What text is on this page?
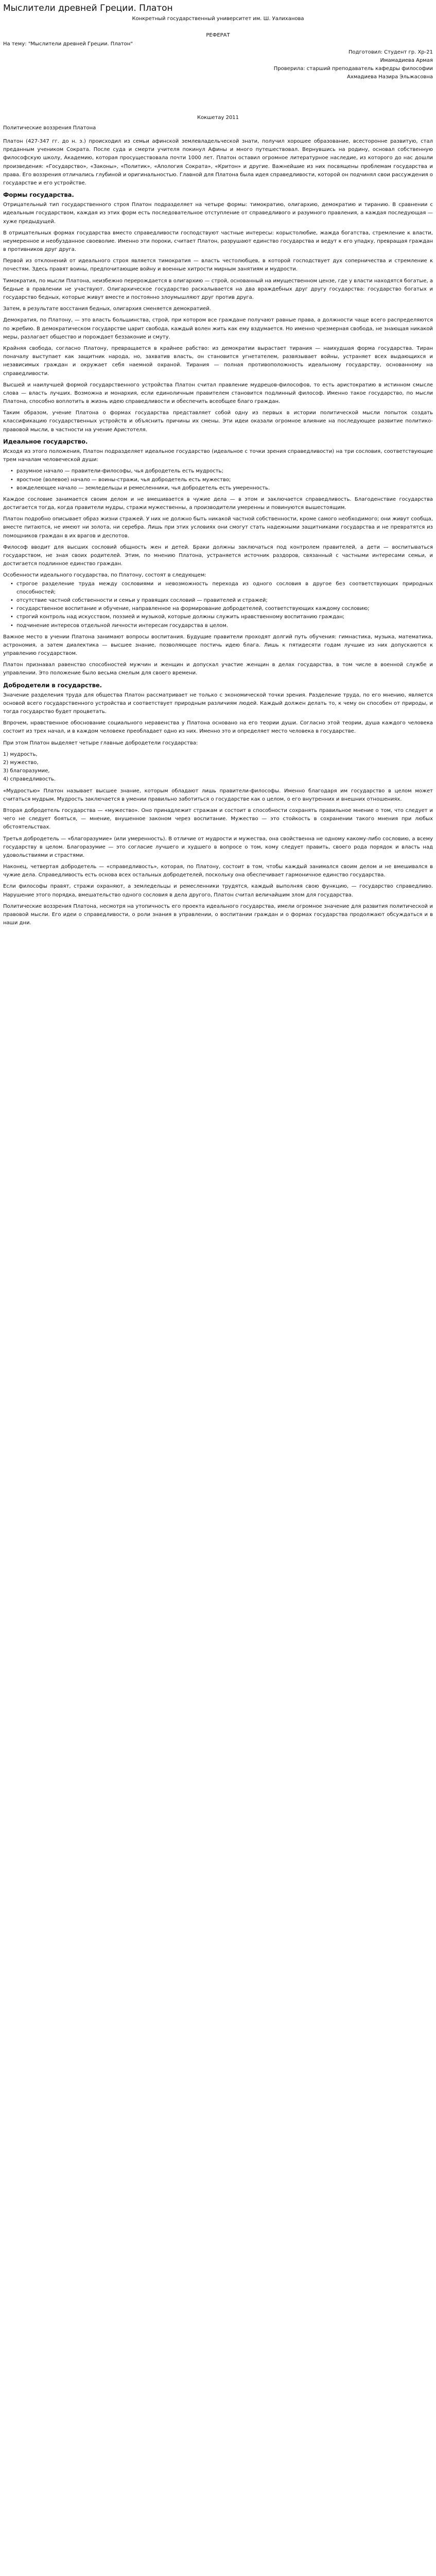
Мыслители древней Греции. Платон

Конкретный государственный университет им. Ш. Уалиханова

РЕФЕРАТ

На тему: "Мыслители древней Греции. Платон"

Подготовил: Студент гр. Хр-21

Имамадиева Армая

Проверила: старший преподаватель кафедры философии

Ахмадиева Назира Эльжасовна

Кокшетау 2011

Политические воззрения Платона

Платон (427-347 гг. до н. э.) происходил из семьи афинской землевладельческой знати, получил хорошее образование, всесторонне развитую, стал преданным учеником Сократа. После суда и смерти учителя покинул Афины и много путешествовал. Вернувшись на родину, основал собственную философскую школу, Академию, которая просуществовала почти 1000 лет. Платон оставил огромное литературное наследие, из которого до нас дошли произведения: «Государство», «Законы», «Политик», «Апология Сократа», «Критон» и другие. Важнейшие из них посвящены проблемам государства и права. Его воззрения отличались глубиной и оригинальностью. Главной для Платона была идея справедливости, которой он подчинял свои рассуждения о государстве и его устройстве.

Формы государства.

Отрицательный тип государственного строя Платон подразделяет на четыре формы: тимократию, олигархию, демократию и тиранию. В сравнении с идеальным государством, каждая из этих форм есть последовательное отступление от справедливого и разумного правления, а каждая последующая — хуже предыдущей.

В отрицательных формах государства вместо справедливости господствуют частные интересы: корыстолюбие, жажда богатства, стремление к власти, неумеренное и необузданное своеволие. Именно эти пороки, считает Платон, разрушают единство государства и ведут к его упадку, превращая граждан в противников друг друга.

Первой из отклонений от идеального строя является тимократия — власть честолюбцев, в которой господствует дух соперничества и стремление к почестям. Здесь правят воины, предпочитающие войну и военные хитрости мирным занятиям и мудрости.

Тимократия, по мысли Платона, неизбежно перерождается в олигархию — строй, основанный на имущественном цензе, где у власти находятся богатые, а бедные в правлении не участвуют. Олигархическое государство раскалывается на два враждебных друг другу государства: государство богатых и государство бедных, которые живут вместе и постоянно злоумышляют друг против друга.

Затем, в результате восстания бедных, олигархия сменяется демократией.

Демократия, по Платону, — это власть большинства, строй, при котором все граждане получают равные права, а должности чаще всего распределяются по жребию. В демократическом государстве царит свобода, каждый волен жить как ему вздумается. Но именно чрезмерная свобода, не знающая никакой меры, разлагает общество и порождает беззаконие и смуту.

Крайняя свобода, согласно Платону, превращается в крайнее рабство: из демократии вырастает тирания — наихудшая форма государства. Тиран поначалу выступает как защитник народа, но, захватив власть, он становится угнетателем, развязывает войны, устраняет всех выдающихся и независимых граждан и окружает себя наемной охраной. Тирания — полная противоположность идеальному государству, основанному на справедливости.

Высшей и наилучшей формой государственного устройства Платон считал правление мудрецов-философов, то есть аристократию в истинном смысле слова — власть лучших. Возможна и монархия, если единоличным правителем становится подлинный философ. Именно такое государство, по мысли Платона, способно воплотить в жизнь идею справедливости и обеспечить всеобщее благо граждан.

Таким образом, учение Платона о формах государства представляет собой одну из первых в истории политической мысли попыток создать классификацию государственных устройств и объяснить причины их смены. Эти идеи оказали огромное влияние на последующее развитие политико-правовой мысли, в частности на учение Аристотеля.

Идеальное государство.

Исходя из этого положения, Платон подразделяет идеальное государство (идеальное с точки зрения справедливости) на три сословия, соответствующие трем началам человеческой души:

• разумное начало — правители-философы, чья добродетель есть мудрость;
• яростное (волевое) начало — воины-стражи, чья добродетель есть мужество;
• вожделеющее начало — земледельцы и ремесленники, чья добродетель есть умеренность.

Каждое сословие занимается своим делом и не вмешивается в чужие дела — в этом и заключается справедливость. Благоденствие государства достигается тогда, когда правители мудры, стражи мужественны, а производители умеренны и повинуются вышестоящим.

Платон подробно описывает образ жизни стражей. У них не должно быть никакой частной собственности, кроме самого необходимого; они живут сообща, вместе питаются, не имеют ни золота, ни серебра. Лишь при этих условиях они смогут стать надежными защитниками государства и не превратятся из помощников граждан в их врагов и деспотов.

Философ вводит для высших сословий общность жен и детей. Браки должны заключаться под контролем правителей, а дети — воспитываться государством, не зная своих родителей. Этим, по мнению Платона, устраняется источник раздоров, связанный с частными интересами семьи, и достигается подлинное единство граждан.

Особенности идеального государства, по Платону, состоят в следующем:

• строгое разделение труда между сословиями и невозможность перехода из одного сословия в другое без соответствующих природных способностей;
• отсутствие частной собственности и семьи у правящих сословий — правителей и стражей;
• государственное воспитание и обучение, направленное на формирование добродетелей, соответствующих каждому сословию;
• строгий контроль над искусством, поэзией и музыкой, которые должны служить нравственному воспитанию граждан;
• подчинение интересов отдельной личности интересам государства в целом.

Важное место в учении Платона занимают вопросы воспитания. Будущие правители проходят долгий путь обучения: гимнастика, музыка, математика, астрономия, а затем диалектика — высшее знание, позволяющее постичь идею блага. Лишь к пятидесяти годам лучшие из них допускаются к управлению государством.

Платон признавал равенство способностей мужчин и женщин и допускал участие женщин в делах государства, в том числе в военной службе и управлении. Это положение было весьма смелым для своего времени.

Добродетели в государстве.

Значение разделения труда для общества Платон рассматривает не только с экономической точки зрения. Разделение труда, по его мнению, является основой всего государственного устройства и соответствует природным различиям людей. Каждый должен делать то, к чему он способен от природы, и тогда государство будет процветать.

Впрочем, нравственное обоснование социального неравенства у Платона основано на его теории души. Согласно этой теории, душа каждого человека состоит из трех начал, и в каждом человеке преобладает одно из них. Именно это и определяет место человека в государстве.

При этом Платон выделяет четыре главные добродетели государства:

1) мудрость,

2) мужество,

3) благоразумие,

4) справедливость.

«Мудростью» Платон называет высшее знание, которым обладают лишь правители-философы. Именно благодаря им государство в целом может считаться мудрым. Мудрость заключается в умении правильно заботиться о государстве как о целом, о его внутренних и внешних отношениях.

Вторая добродетель государства — «мужество». Оно принадлежит стражам и состоит в способности сохранять правильное мнение о том, что следует и чего не следует бояться, — мнение, внушенное законом через воспитание. Мужество — это стойкость в сохранении такого мнения при любых обстоятельствах.

Третья добродетель — «благоразумие» (или умеренность). В отличие от мудрости и мужества, она свойственна не одному какому-либо сословию, а всему государству в целом. Благоразумие — это согласие лучшего и худшего в вопросе о том, кому следует править, своего рода порядок и власть над удовольствиями и страстями.

Наконец, четвертая добродетель — «справедливость», которая, по Платону, состоит в том, чтобы каждый занимался своим делом и не вмешивался в чужие дела. Справедливость есть основа всех остальных добродетелей, поскольку она обеспечивает гармоничное единство государства.

Если философы правят, стражи охраняют, а земледельцы и ремесленники трудятся, каждый выполняя свою функцию, — государство справедливо. Нарушение этого порядка, вмешательство одного сословия в дела другого, Платон считал величайшим злом для государства.

Политические воззрения Платона, несмотря на утопичность его проекта идеального государства, имели огромное значение для развития политической и правовой мысли. Его идеи о справедливости, о роли знания в управлении, о воспитании граждан и о формах государства продолжают обсуждаться и в наши дни.
